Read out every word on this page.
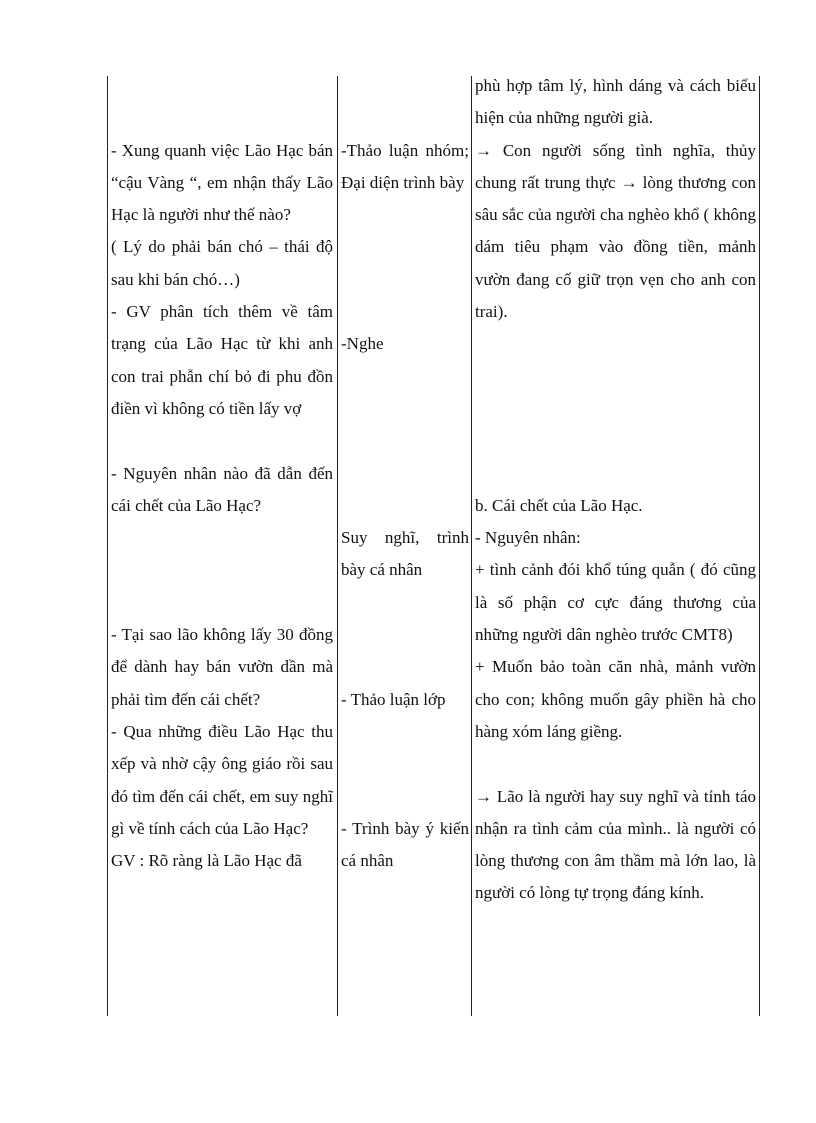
- Xung quanh việc Lão Hạc bán “cậu Vàng “, em nhận thấy Lão Hạc là người như thế nào?

( Lý do phải bán chó – thái độ sau khi bán chó…)

- GV phân tích thêm về tâm trạng của Lão Hạc từ khi anh con trai phẫn chí bỏ đi phu đồn điền vì không có tiền lấy vợ

- Nguyên nhân nào đã dẫn đến cái chết của Lão Hạc?

- Tại sao lão không lấy 30 đồng để dành hay bán vườn dần mà phải tìm đến cái chết?

- Qua những điều Lão Hạc thu xếp và nhờ cậy ông giáo rồi sau đó tìm đến cái chết, em suy nghĩ gì về tính cách của Lão Hạc?

GV : Rõ ràng là Lão Hạc đã

-Thảo luận nhóm; Đại diện trình bày

-Nghe

Suy nghĩ, trình bày cá nhân

- Thảo luận lớp

- Trình bày ý kiến cá nhân

phù hợp tâm lý, hình dáng và cách biểu hiện của những người già.

→ Con người sống tình nghĩa, thủy chung rất trung thực → lòng thương con sâu sắc của người cha nghèo khổ ( không dám tiêu phạm vào đồng tiền, mảnh vườn đang cố giữ trọn vẹn cho anh con trai).

b. Cái chết của Lão Hạc.

- Nguyên nhân:

+ tình cảnh đói khổ túng quẫn ( đó cũng là số phận cơ cực đáng thương của những người dân nghèo trước CMT8)

+ Muốn bảo toàn căn nhà, mảnh vườn cho con; không muốn gây phiền hà cho hàng xóm láng giềng.

→ Lão là người hay suy nghĩ và tỉnh táo nhận ra tình cảm của mình.. là người có lòng thương con âm thầm mà lớn lao, là người có lòng tự trọng đáng kính.
